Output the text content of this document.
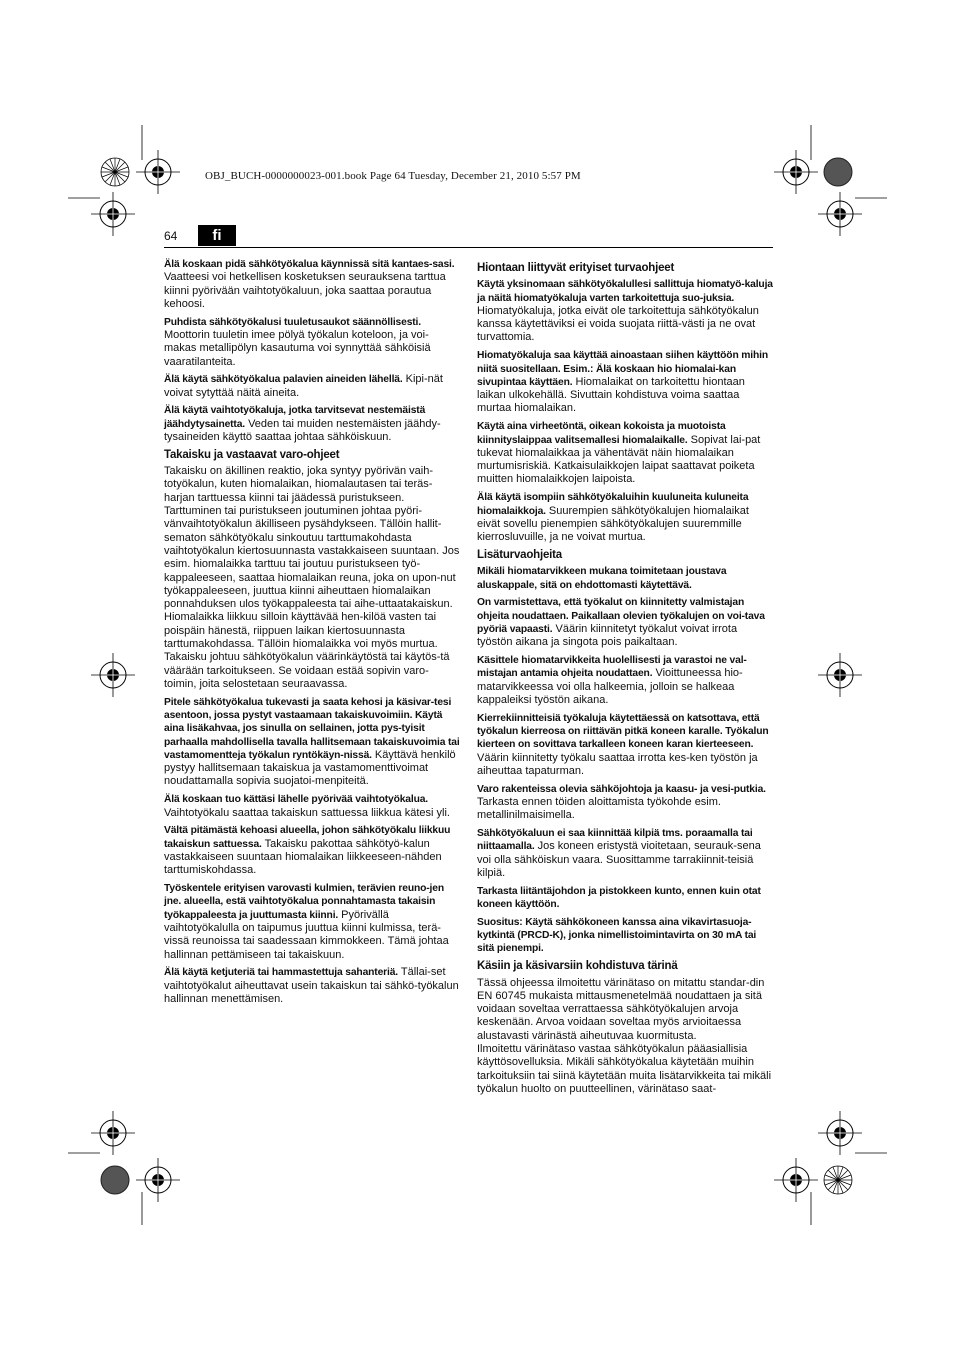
OBJ_BUCH-0000000023-001.book Page 64 Tuesday, December 21, 2010 5:57 PM
64	fi

Älä koskaan pidä sähkötyökalua käynnissä sitä kantaes-sasi. Vaatteesi voi hetkellisen kosketuksen seurauksena tarttua kiinni pyörivään vaihtotyökaluun, joka saattaa porautua kehoosi.

Puhdista sähkötyökalusi tuuletusaukot säännöllisesti. Moottorin tuuletin imee pölyä työkalun koteloon, ja voi-makas metallipölyn kasautuma voi synnyttää sähköisiä vaaratilanteita.

Älä käytä sähkötyökalua palavien aineiden lähellä. Kipi-nät voivat sytyttää näitä aineita.

Älä käytä vaihtotyökaluja, jotka tarvitsevat nestemäistä jäähdytysainetta. Veden tai muiden nestemäisten jäähdy-tysaineiden käyttö saattaa johtaa sähköiskuun.

Takaisku ja vastaavat varo-ohjeet

Takaisku on äkillinen reaktio, joka syntyy pyörivän vaih-totyökalun, kuten hiomalaikan, hiomalautasen tai teräs-harjan tarttuessa kiinni tai jäädessä puristukseen. Tarttuminen tai puristukseen joutuminen johtaa pyöri-vänvaihtotyökalun äkilliseen pysähdykseen. Tällöin hallit-sematon sähkötyökalu sinkoutuu tarttumakohdasta vaihtotyökalun kiertosuunnasta vastakkaiseen suuntaan. Jos esim. hiomalaikka tarttuu tai joutuu puristukseen työ-kappaleeseen, saattaa hiomalaikan reuna, joka on upon-nut työkappaleeseen, juuttua kiinni aiheuttaen hiomalaikan ponnahduksen ulos työkappaleesta tai aihe-uttaatakaiskun. Hiomalaikka liikkuu silloin käyttävää hen-kilöä vasten tai poispäin hänestä, riippuen laikan kiertosuunnasta tarttumakohdassa. Tällöin hiomalaikka voi myös murtua.

Takaisku johtuu sähkötyökalun väärinkäytöstä tai käytös-tä väärään tarkoitukseen. Se voidaan estää sopivin varo-toimin, joita selostetaan seuraavassa.

Pitele sähkötyökalua tukevasti ja saata kehosi ja käsivar-tesi asentoon, jossa pystyt vastaamaan takaiskuvoimiin. Käytä aina lisäkahvaa, jos sinulla on sellainen, jotta pys-tyisit parhaalla mahdollisella tavalla hallitsemaan takaiskuvoimia tai vastamomentteja työkalun ryntökäyn-nissä. Käyttävä henkilö pystyy hallitsemaan takaiskua ja vastamomenttivoimat noudattamalla sopivia suojatoi-menpiteitä.

Älä koskaan tuo kättäsi lähelle pyörivää vaihtotyökalua. Vaihtotyökalu saattaa takaiskun sattuessa liikkua kätesi yli.

Vältä pitämästä kehoasi alueella, johon sähkötyökalu liikkuu takaiskun sattuessa. Takaisku pakottaa sähkötyö-kalun vastakkaiseen suuntaan hiomalaikan liikkeeseen-nähden tarttumiskohdassa.

Työskentele erityisen varovasti kulmien, terävien reuno-jen jne. alueella, estä vaihtotyökalua ponnahtamasta takaisin työkappaleesta ja juuttumasta kiinni. Pyörivällä vaihtotyökalulla on taipumus juuttua kiinni kulmissa, terä-vissä reunoissa tai saadessaan kimmokkeen. Tämä johtaa hallinnan pettämiseen tai takaiskuun.

Älä käytä ketjuteriä tai hammastettuja sahanteriä. Tällai-set vaihtotyökalut aiheuttavat usein takaiskun tai sähkö-työkalun hallinnan menettämisen.

Hiontaan liittyvät erityiset turvaohjeet

Käytä yksinomaan sähkötyökalullesi sallittuja hiomatyö-kaluja ja näitä hiomatyökaluja varten tarkoitettuja suo-juksia. Hiomatyökaluja, jotka eivät ole tarkoitettuja sähkötyökalun kanssa käytettäviksi ei voida suojata riittä-västi ja ne ovat turvattomia.

Hiomatyökaluja saa käyttää ainoastaan siihen käyttöön mihin niitä suositellaan. Esim.: Älä koskaan hio hiomalai-kan sivupintaa käyttäen. Hiomalaikat on tarkoitettu hiontaan laikan ulkokehällä. Sivuttain kohdistuva voima saattaa murtaa hiomalaikan.

Käytä aina virheetöntä, oikean kokoista ja muotoista kiinnityslaippaa valitsemallesi hiomalaikalle. Sopivat lai-pat tukevat hiomalaikkaa ja vähentävät näin hiomalaikan murtumisriskiä. Katkaisulaikkojen laipat saattavat poiketa muitten hiomalaikkojen laipoista.

Älä käytä isompiin sähkötyökaluihin kuuluneita kuluneita hiomalaikkoja. Suurempien sähkötyökalujen hiomalaikat eivät sovellu pienempien sähkötyökalujen suuremmille kierrosluvuille, ja ne voivat murtua.

Lisäturvaohjeita

Mikäli hiomatarvikkeen mukana toimitetaan joustava aluskappale, sitä on ehdottomasti käytettävä.

On varmistettava, että työkalut on kiinnitetty valmistajan ohjeita noudattaen. Paikallaan olevien työkalujen on voi-tava pyöriä vapaasti. Väärin kiinnitetyt työkalut voivat irrota työstön aikana ja singota pois paikaltaan.

Käsittele hiomatarvikkeita huolellisesti ja varastoi ne val-mistajan antamia ohjeita noudattaen. Vioittuneessa hio-matarvikkeessa voi olla halkeemia, jolloin se halkeaa kappaleiksi työstön aikana.

Kierrekiinnitteisiä työkaluja käytettäessä on katsottava, että työkalun kierreosa on riittävän pitkä koneen karalle. Työkalun kierteen on sovittava tarkalleen koneen karan kierteeseen. Väärin kiinnitetty työkalu saattaa irrotta kes-ken työstön ja aiheuttaa tapaturman.

Varo rakenteissa olevia sähköjohtoja ja kaasu- ja vesi-putkia. Tarkasta ennen töiden aloittamista työkohde esim. metallinilmaisimella.

Sähkötyökaluun ei saa kiinnittää kilpiä tms. poraamalla tai niittaamalla. Jos koneen eristystä vioitetaan, seurauk-sena voi olla sähköiskun vaara. Suosittamme tarrakiinnit-teisiä kilpiä.

Tarkasta liitäntäjohdon ja pistokkeen kunto, ennen kuin otat koneen käyttöön.

Suositus: Käytä sähkökoneen kanssa aina vikavirtasuoja-kytkintä (PRCD-K), jonka nimellistoimintavirta on 30 mA tai sitä pienempi.

Käsiin ja käsivarsiin kohdistuva tärinä

Tässä ohjeessa ilmoitettu värinätaso on mitattu standar-din EN 60745 mukaista mittausmenetelmää noudattaen ja sitä voidaan soveltaa verrattaessa sähkötyökalujen arvoja keskenään. Arvoa voidaan soveltaa myös arvioitaessa alustavasti värinästä aiheutuvaa kuormitusta.

Ilmoitettu värinätaso vastaa sähkötyökalun pääasiallisia käyttösovelluksia. Mikäli sähkötyökalua käytetään muihin tarkoituksiin tai siinä käytetään muita lisätarvikkeita tai mikäli työkalun huolto on puutteellinen, värinätaso saat-
